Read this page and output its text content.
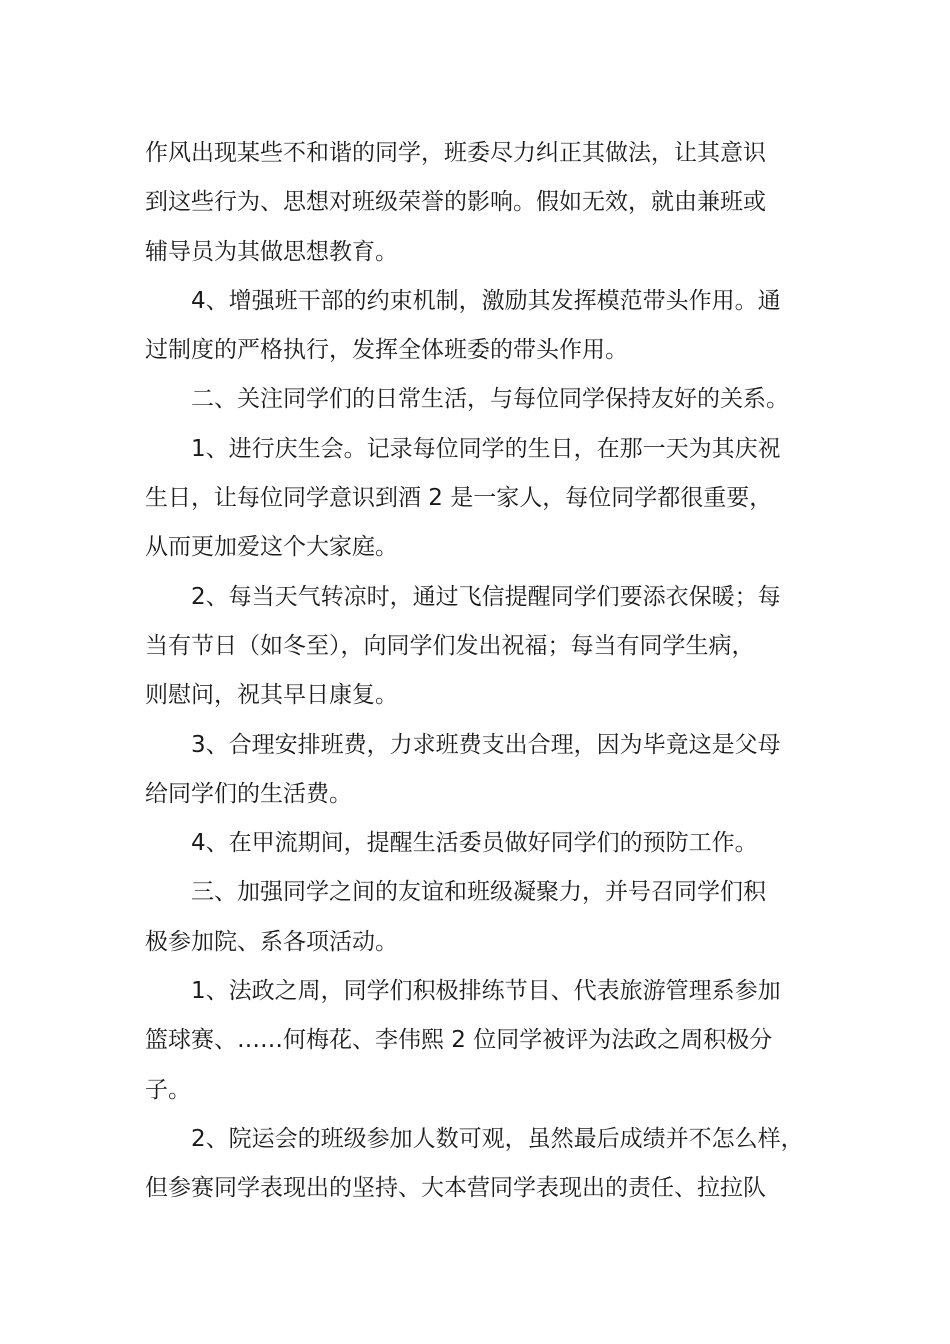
作风出现某些不和谐的同学，班委尽力纠正其做法，让其意识
到这些行为、思想对班级荣誉的影响。假如无效，就由兼班或
辅导员为其做思想教育。
4、增强班干部的约束机制，激励其发挥模范带头作用。通
过制度的严格执行，发挥全体班委的带头作用。
二、关注同学们的日常生活，与每位同学保持友好的关系。
1、进行庆生会。记录每位同学的生日，在那一天为其庆祝
生日，让每位同学意识到酒 2 是一家人，每位同学都很重要，
从而更加爱这个大家庭。
2、每当天气转凉时，通过飞信提醒同学们要添衣保暖；每
当有节日（如冬至），向同学们发出祝福；每当有同学生病，
则慰问，祝其早日康复。
3、合理安排班费，力求班费支出合理，因为毕竟这是父母
给同学们的生活费。
4、在甲流期间，提醒生活委员做好同学们的预防工作。
三、加强同学之间的友谊和班级凝聚力，并号召同学们积
极参加院、系各项活动。
1、法政之周，同学们积极排练节目、代表旅游管理系参加
篮球赛、……何梅花、李伟熙 2 位同学被评为法政之周积极分
子。
2、院运会的班级参加人数可观，虽然最后成绩并不怎么样，
但参赛同学表现出的坚持、大本营同学表现出的责任、拉拉队
